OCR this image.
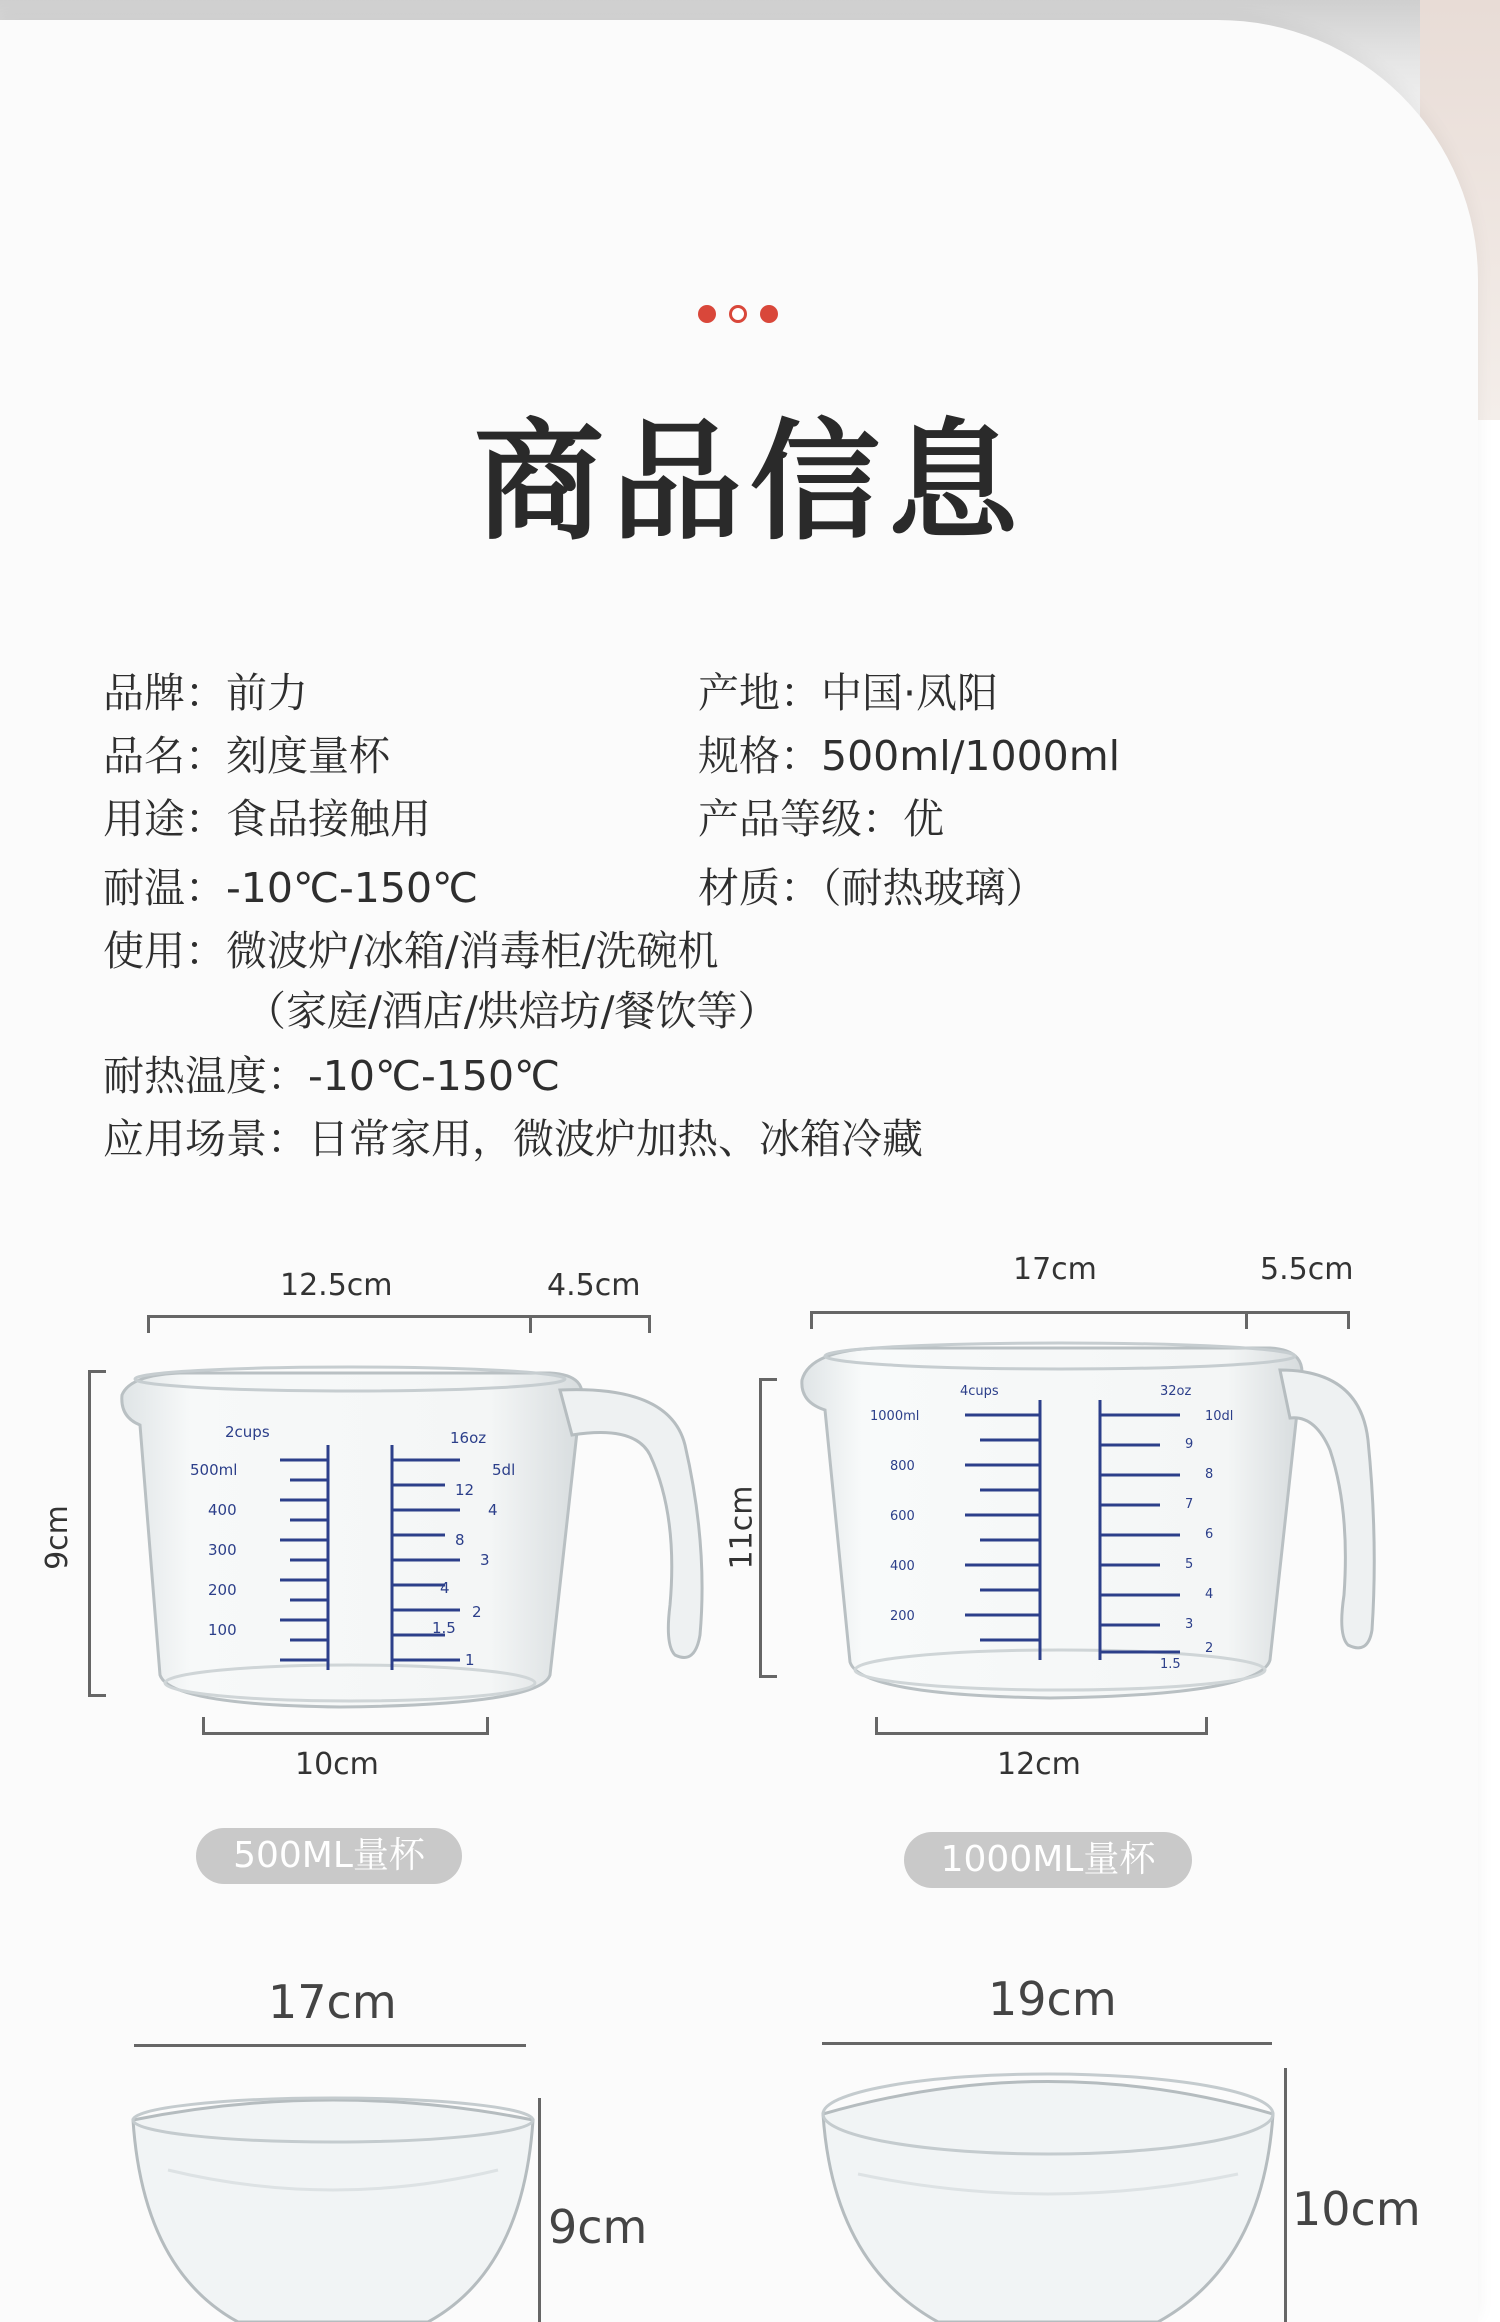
商品信息
品牌：前力	产地：中国·凤阳
品名：刻度量杯	规格：500ml/1000ml
用途：食品接触用	产品等级：优
耐温：-10℃-150℃	材质：（耐热玻璃）
使用：微波炉/冰箱/消毒柜/洗碗机
（家庭/酒店/烘焙坊/餐饮等）
耐热温度：-10℃-150℃
应用场景：日常家用，微波炉加热、冰箱冷藏
12.5cm	4.5cm
9cm
2cups
500ml
400
300
200
100
16oz
5dl
12
4
8
3
4
2
1.5
1
10cm
500ML量杯
17cm	5.5cm
11cm
4cups
1000ml
800
600
400
200
32oz
10dl
9
8
7
6
5
4
3
2
1.5
12cm
1000ML量杯
17cm
9cm
19cm
10cm
